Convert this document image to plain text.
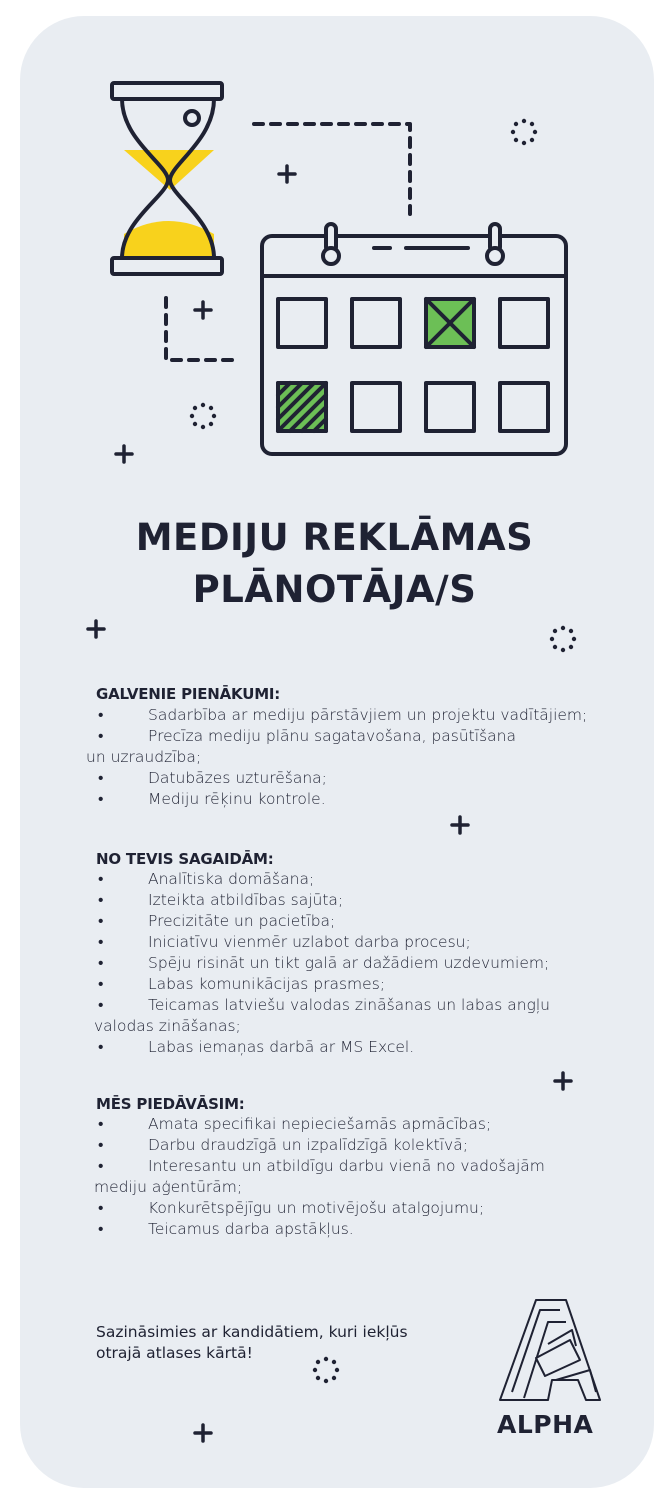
MEDIJU REKLĀMAS
PLĀNOTĀJA/S
GALVENIE PIENĀKUMI:
•	Sadarbība ar mediju pārstāvjiem un projektu vadītājiem;
•	Precīza mediju plānu sagatavošana, pasūtīšana
un uzraudzība;
•	Datubāzes uzturēšana;
•	Mediju rēķinu kontrole.
NO TEVIS SAGAIDĀM:
•	Analītiska domāšana;
•	Izteikta atbildības sajūta;
•	Precizitāte un pacietība;
•	Iniciatīvu vienmēr uzlabot darba procesu;
•	Spēju risināt un tikt galā ar dažādiem uzdevumiem;
•	Labas komunikācijas prasmes;
•	Teicamas latviešu valodas zināšanas un labas angļu
valodas zināšanas;
•	Labas iemaņas darbā ar MS Excel.
MĒS PIEDĀVĀSIM:
•	Amata specifikai nepieciešamās apmācības;
•	Darbu draudzīgā un izpalīdzīgā kolektīvā;
•	Interesantu un atbildīgu darbu vienā no vadošajām
mediju aģentūrām;
•	Konkurētspējīgu un motivējošu atalgojumu;
•	Teicamus darba apstākļus.
Sazināsimies ar kandidātiem, kuri iekļūs
otrajā atlases kārtā!
ALPHA
